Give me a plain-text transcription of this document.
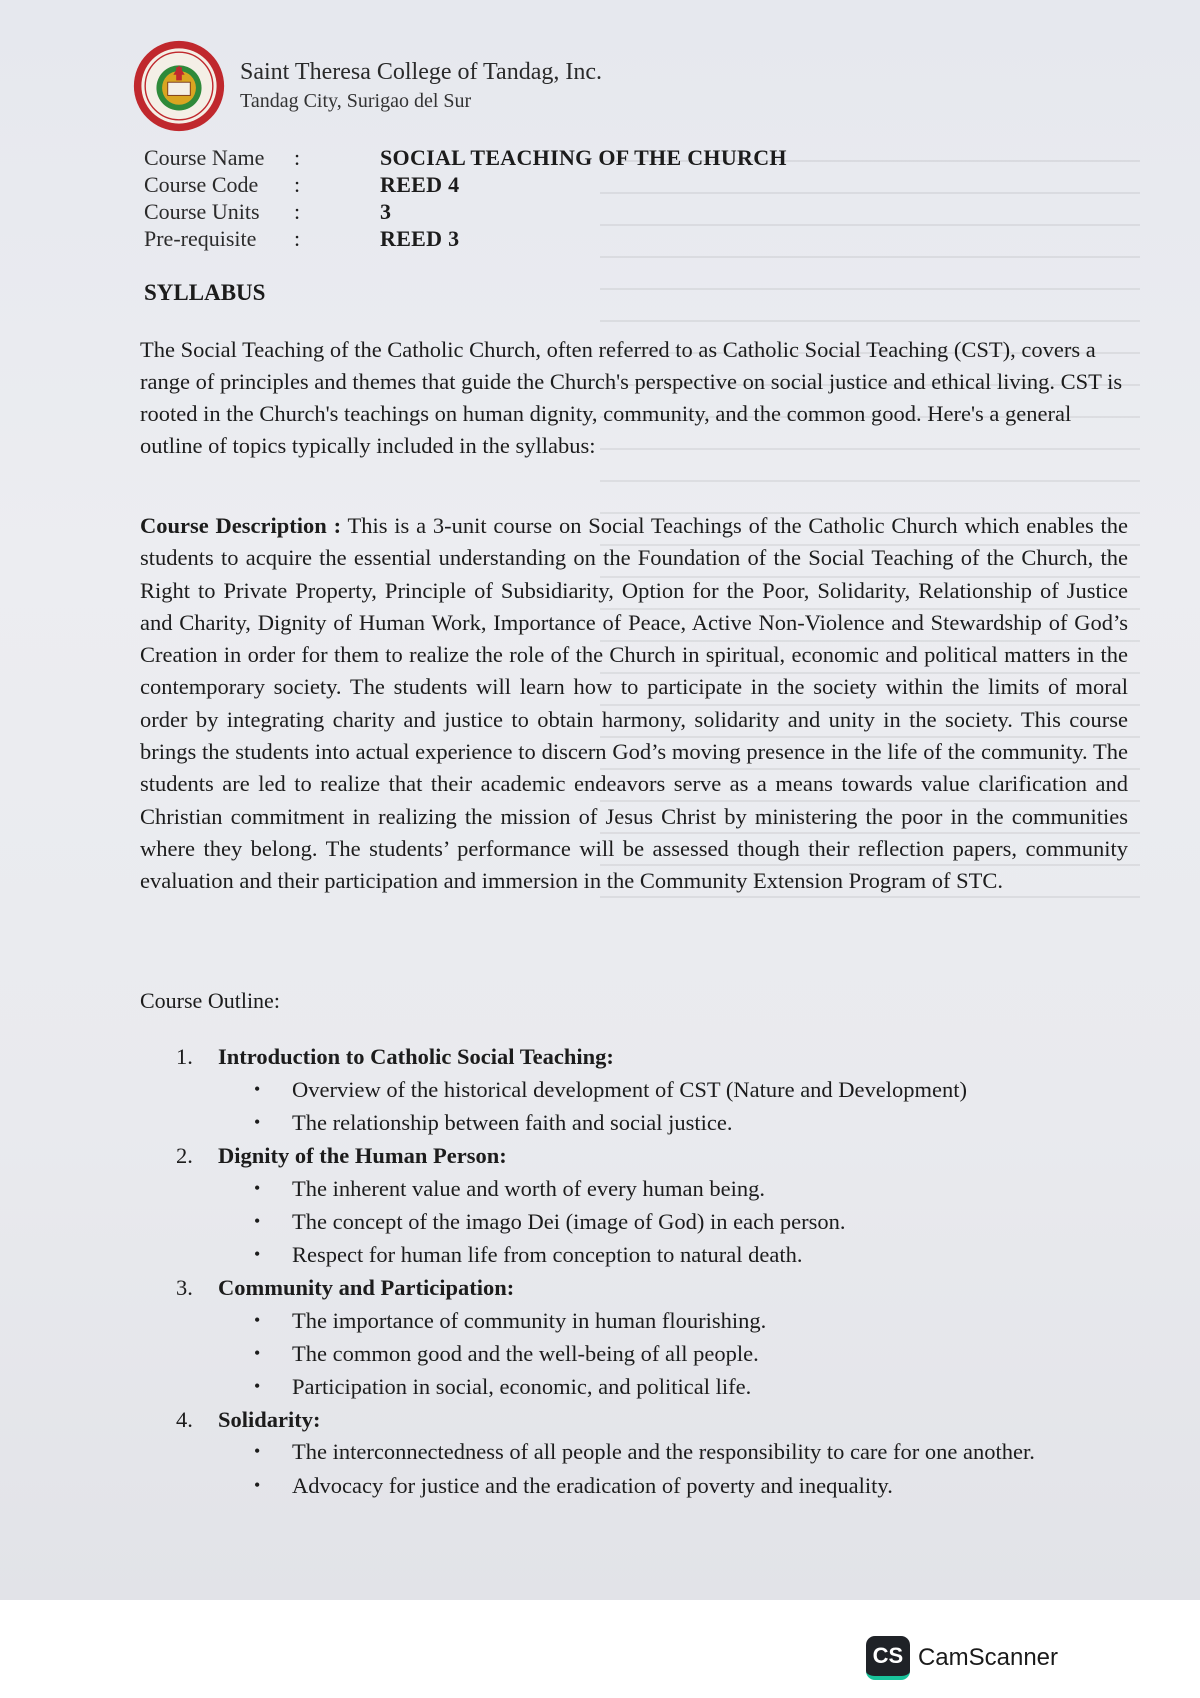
Saint Theresa College of Tandag, Inc.
Tandag City, Surigao del Sur
Course Name	:	SOCIAL TEACHING OF THE CHURCH
Course Code	:	REED 4
Course Units	:	3
Pre-requisite	:	REED 3
SYLLABUS
The Social Teaching of the Catholic Church, often referred to as Catholic Social Teaching (CST), covers a range of principles and themes that guide the Church's perspective on social justice and ethical living. CST is rooted in the Church's teachings on human dignity, community, and the common good. Here's a general outline of topics typically included in the syllabus:
Course Description : This is a 3-unit course on Social Teachings of the Catholic Church which enables the students to acquire the essential understanding on the Foundation of the Social Teaching of the Church, the Right to Private Property, Principle of Subsidiarity, Option for the Poor, Solidarity, Relationship of Justice and Charity, Dignity of Human Work, Importance of Peace, Active Non-Violence and Stewardship of God’s Creation in order for them to realize the role of the Church in spiritual, economic and political matters in the contemporary society. The students will learn how to participate in the society within the limits of moral order by integrating charity and justice to obtain harmony, solidarity and unity in the society. This course brings the students into actual experience to discern God’s moving presence in the life of the community. The students are led to realize that their academic endeavors serve as a means towards value clarification and Christian commitment in realizing the mission of Jesus Christ by ministering the poor in the communities where they belong. The students’ performance will be assessed though their reflection papers, community evaluation and their participation and immersion in the Community Extension Program of STC.
Course Outline:
1.	Introduction to Catholic Social Teaching:
• Overview of the historical development of CST (Nature and Development)
• The relationship between faith and social justice.
2.	Dignity of the Human Person:
• The inherent value and worth of every human being.
• The concept of the imago Dei (image of God) in each person.
• Respect for human life from conception to natural death.
3.	Community and Participation:
• The importance of community in human flourishing.
• The common good and the well-being of all people.
• Participation in social, economic, and political life.
4.	Solidarity:
• The interconnectedness of all people and the responsibility to care for one another.
• Advocacy for justice and the eradication of poverty and inequality.
CS CamScanner
